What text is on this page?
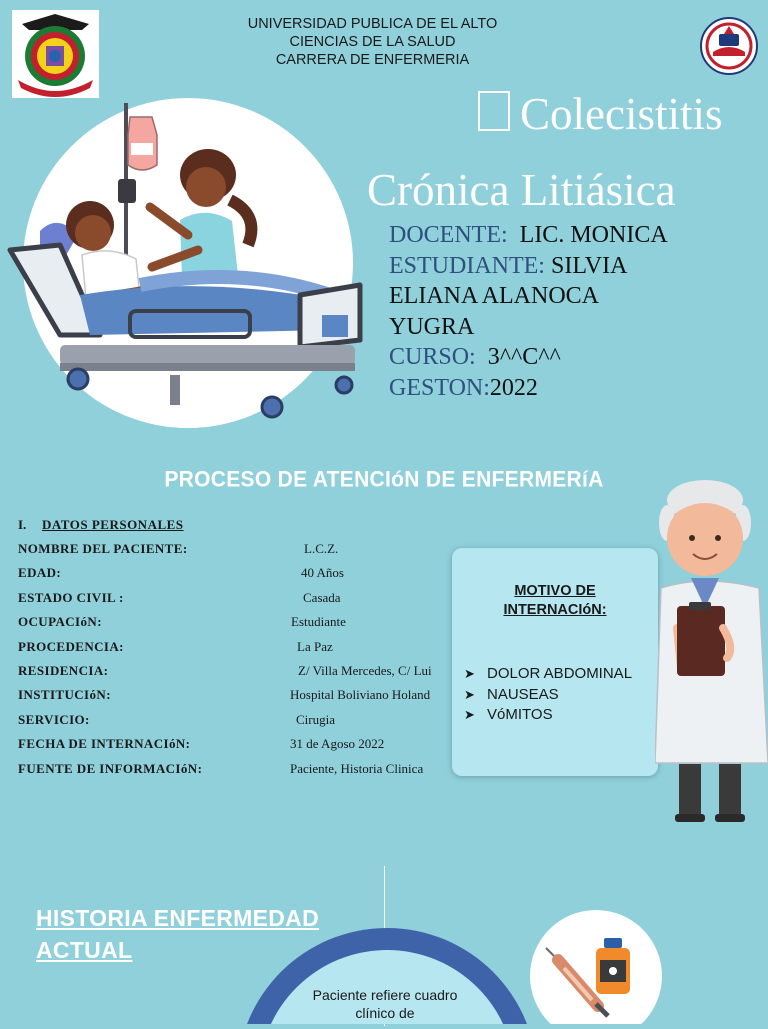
UNIVERSIDAD PUBLICA DE EL ALTO
CIENCIAS DE LA SALUD
CARRERA DE ENFERMERIA
Colecistitis
Crónica Litiásica
DOCENTE: LIC. MONICA
ESTUDIANTE: SILVIA
ELIANA ALANOCA
YUGRA
CURSO: 3^^C^^
GESTON:2022
PROCESO DE ATENCIóN DE ENFERMERíA
I. DATOS PERSONALES
NOMBRE DEL PACIENTE:	L.C.Z.
EDAD:	40 Años
ESTADO CIVIL :	Casada
OCUPACIóN:	Estudiante
PROCEDENCIA:	La Paz
RESIDENCIA:	Z/ Villa Mercedes, C/ Lui
INSTITUCIóN:	Hospital Boliviano Holand
SERVICIO:	Cirugia
FECHA DE INTERNACIóN:	31 de Agoso 2022
FUENTE DE INFORMACIóN:	Paciente, Historia Clinica
MOTIVO DE
INTERNACIóN:
➤ DOLOR ABDOMINAL
➤ NAUSEAS
➤ VóMITOS
HISTORIA ENFERMEDAD
ACTUAL
Paciente refiere cuadro
clínico de
